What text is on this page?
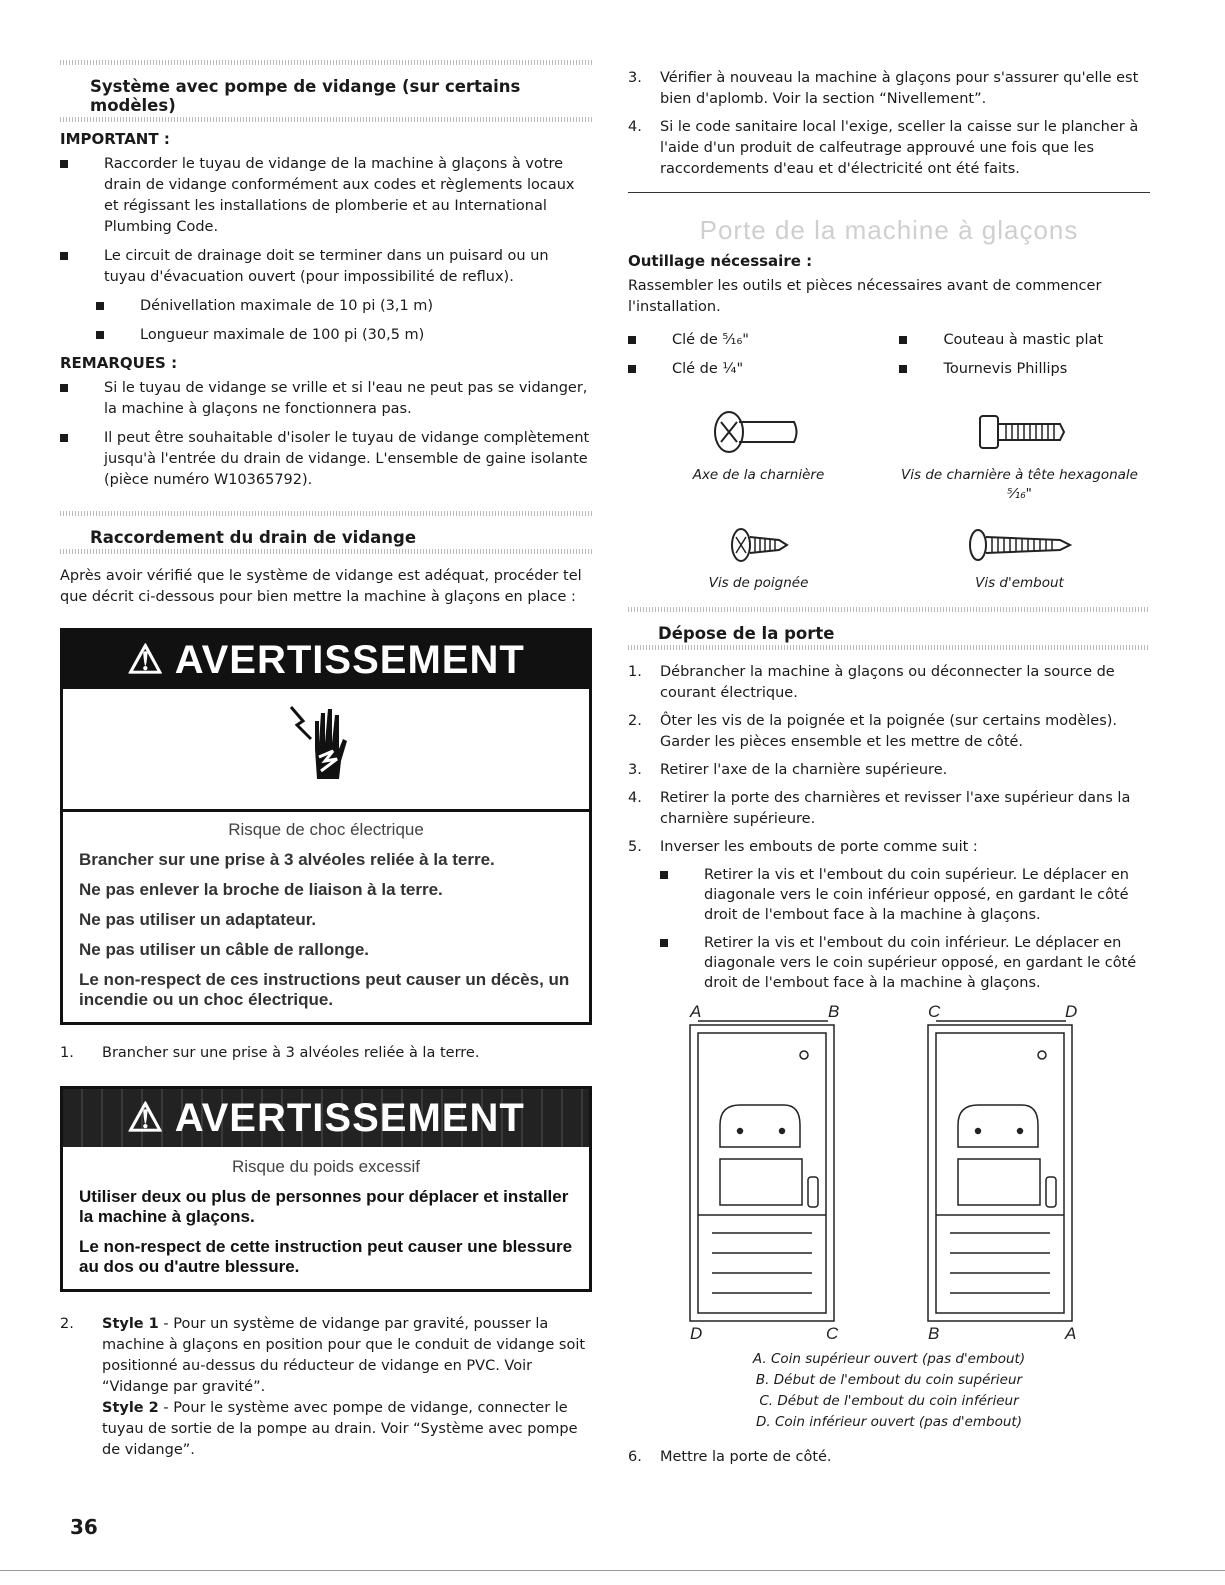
Système avec pompe de vidange (sur certains modèles)
IMPORTANT :
Raccorder le tuyau de vidange de la machine à glaçons à votre drain de vidange conformément aux codes et règlements locaux et régissant les installations de plomberie et au International Plumbing Code.
Le circuit de drainage doit se terminer dans un puisard ou un tuyau d'évacuation ouvert (pour impossibilité de reflux).
Dénivellation maximale de 10 pi (3,1 m)
Longueur maximale de 100 pi (30,5 m)
REMARQUES :
Si le tuyau de vidange se vrille et si l'eau ne peut pas se vidanger, la machine à glaçons ne fonctionnera pas.
Il peut être souhaitable d'isoler le tuyau de vidange complètement jusqu'à l'entrée du drain de vidange. L'ensemble de gaine isolante (pièce numéro W10365792).
Raccordement du drain de vidange

Après avoir vérifié que le système de vidange est adéquat, procéder tel que décrit ci-dessous pour bien mettre la machine à glaçons en place :

⚠ AVERTISSEMENT
Risque de choc électrique
Brancher sur une prise à 3 alvéoles reliée à la terre.
Ne pas enlever la broche de liaison à la terre.
Ne pas utiliser un adaptateur.
Ne pas utiliser un câble de rallonge.
Le non-respect de ces instructions peut causer un décès, un incendie ou un choc électrique.
1. Brancher sur une prise à 3 alvéoles reliée à la terre.
⚠ AVERTISSEMENT
Risque du poids excessif
Utiliser deux ou plus de personnes pour déplacer et installer la machine à glaçons.
Le non-respect de cette instruction peut causer une blessure au dos ou d'autre blessure.
2. Style 1 - Pour un système de vidange par gravité, pousser la machine à glaçons en position pour que le conduit de vidange soit positionné au-dessus du réducteur de vidange en PVC. Voir “Vidange par gravité”.
Style 2 - Pour le système avec pompe de vidange, connecter le tuyau de sortie de la pompe au drain. Voir “Système avec pompe de vidange”.
36
3. Vérifier à nouveau la machine à glaçons pour s'assurer qu'elle est bien d'aplomb. Voir la section “Nivellement”.
4. Si le code sanitaire local l'exige, sceller la caisse sur le plancher à l'aide d'un produit de calfeutrage approuvé une fois que les raccordements d'eau et d'électricité ont été faits.
Porte de la machine à glaçons
Outillage nécessaire :

Rassembler les outils et pièces nécessaires avant de commencer l'installation.

Clé de ⁵⁄₁₆"	Couteau à mastic plat
Clé de ¼"	Tournevis Phillips
Axe de la charnière	Vis de charnière à tête hexagonale ⁵⁄₁₆"
Vis de poignée	Vis d'embout
Dépose de la porte
1. Débrancher la machine à glaçons ou déconnecter la source de courant électrique.
2. Ôter les vis de la poignée et la poignée (sur certains modèles). Garder les pièces ensemble et les mettre de côté.
3. Retirer l'axe de la charnière supérieure.
4. Retirer la porte des charnières et revisser l'axe supérieur dans la charnière supérieure.
5. Inverser les embouts de porte comme suit :
Retirer la vis et l'embout du coin supérieur. Le déplacer en diagonale vers le coin inférieur opposé, en gardant le côté droit de l'embout face à la machine à glaçons.
Retirer la vis et l'embout du coin inférieur. Le déplacer en diagonale vers le coin supérieur opposé, en gardant le côté droit de l'embout face à la machine à glaçons.
A	B	C	D
D	C	B	A
A. Coin supérieur ouvert (pas d'embout)
B. Début de l'embout du coin supérieur
C. Début de l'embout du coin inférieur
D. Coin inférieur ouvert (pas d'embout)
6. Mettre la porte de côté.
